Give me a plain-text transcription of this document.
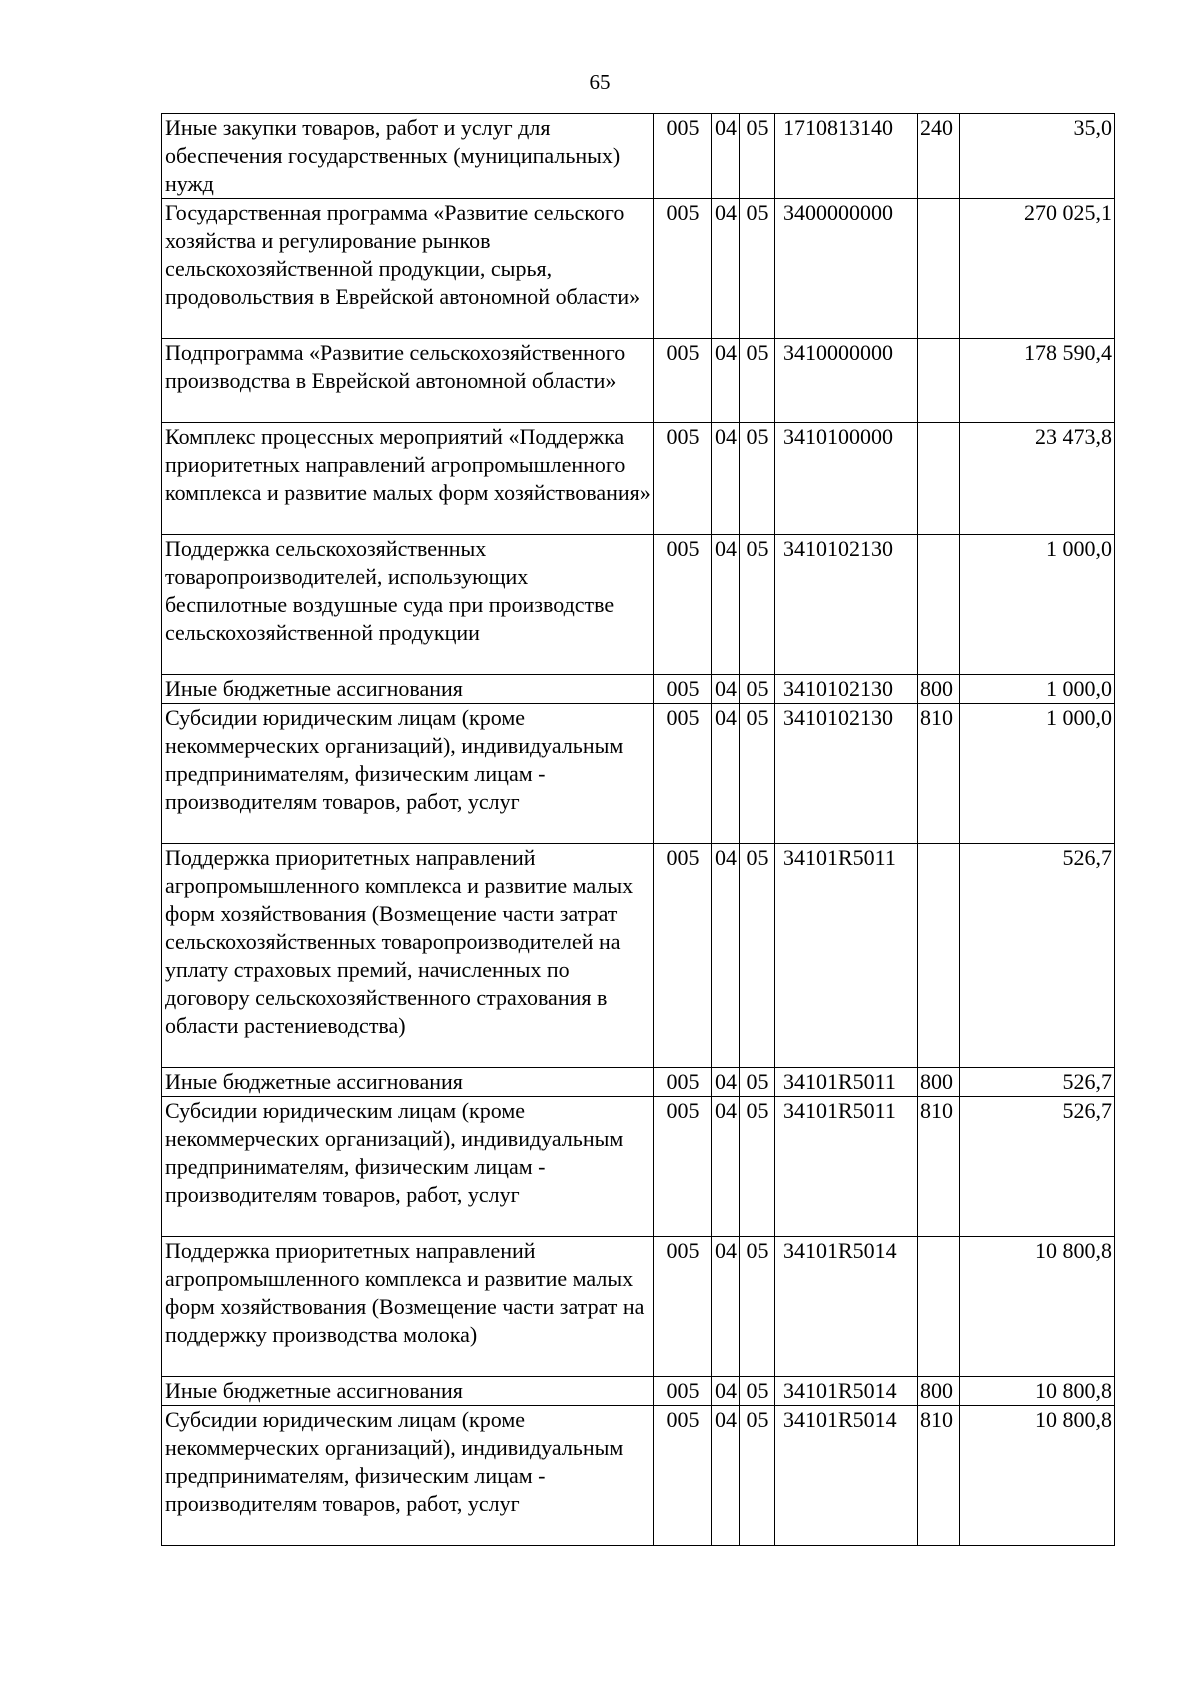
65
Иные закупки товаров, работ и услуг для обеспечения государственных (муниципальных) нужд	005	04	05	1710813140	240	35,0
Государственная программа «Развитие сельского хозяйства и регулирование рынков сельскохозяйственной продукции, сырья, продовольствия в Еврейской автономной области»	005	04	05	3400000000		270 025,1
Подпрограмма «Развитие сельскохозяйственного производства в Еврейской автономной области»	005	04	05	3410000000		178 590,4
Комплекс процессных мероприятий «Поддержка приоритетных направлений агропромышленного комплекса и развитие малых форм хозяйствования»	005	04	05	3410100000		23 473,8
Поддержка сельскохозяйственных товаропроизводителей, использующих беспилотные воздушные суда при производстве сельскохозяйственной продукции	005	04	05	3410102130		1 000,0
Иные бюджетные ассигнования	005	04	05	3410102130	800	1 000,0
Субсидии юридическим лицам (кроме некоммерческих организаций), индивидуальным предпринимателям, физическим лицам - производителям товаров, работ, услуг	005	04	05	3410102130	810	1 000,0
Поддержка приоритетных направлений агропромышленного комплекса и развитие малых форм хозяйствования (Возмещение части затрат сельскохозяйственных товаропроизводителей на уплату страховых премий, начисленных по договору сельскохозяйственного страхования в области растениеводства)	005	04	05	34101R5011		526,7
Иные бюджетные ассигнования	005	04	05	34101R5011	800	526,7
Субсидии юридическим лицам (кроме некоммерческих организаций), индивидуальным предпринимателям, физическим лицам - производителям товаров, работ, услуг	005	04	05	34101R5011	810	526,7
Поддержка приоритетных направлений агропромышленного комплекса и развитие малых форм хозяйствования (Возмещение части затрат на поддержку производства молока)	005	04	05	34101R5014		10 800,8
Иные бюджетные ассигнования	005	04	05	34101R5014	800	10 800,8
Субсидии юридическим лицам (кроме некоммерческих организаций), индивидуальным предпринимателям, физическим лицам - производителям товаров, работ, услуг	005	04	05	34101R5014	810	10 800,8
